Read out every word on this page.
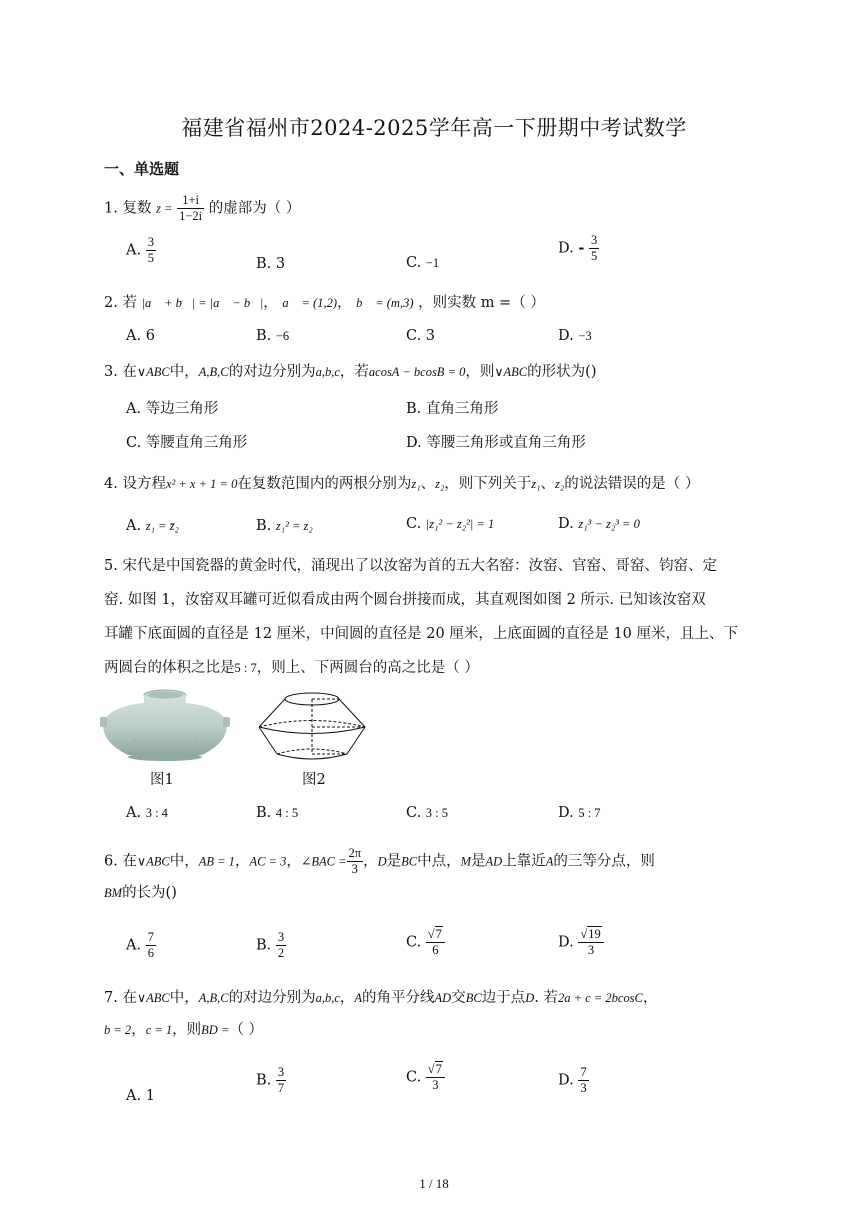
福建省福州市2024-2025学年高一下册期中考试数学
一、单选题
1. 复数 $z = \frac{1+i}{1-2i}$ 的虚部为（ ）
A. $\frac{3}{5}$	B. 3	C. −1
D. - $\frac{3}{5}$
2. 若 |a⃗ + b⃗| = |a⃗ − b⃗|， a⃗ = (1,2)， b⃗ = (m,3) ，则实数 m =（ ）
A. 6	B. −6	C. 3	D. −3
3. 在∨ABC中，A,B,C的对边分别为a,b,c，若acosA − bcosB = 0，则∨ABC的形状为()
A. 等边三角形	B. 直角三角形
C. 等腰直角三角形	D. 等腰三角形或直角三角形
4. 设方程x² + x + 1 = 0在复数范围内的两根分别为z₁、z₂，则下列关于z₁、z₂的说法错误的是（ ）
A. z₁ = z̄₂	B. z₁² = z₂	C. |z₁² − z₂²| = 1	D. z₁³ − z₂³ = 0
5. 宋代是中国瓷器的黄金时代，涌现出了以汝窑为首的五大名窑：汝窑、官窑、哥窑、钧窑、定
窑. 如图 1，汝窑双耳罐可近似看成由两个圆台拼接而成，其直观图如图 2 所示. 已知该汝窑双
耳罐下底面圆的直径是 12 厘米，中间圆的直径是 20 厘米，上底面圆的直径是 10 厘米，且上、下
两圆台的体积之比是5 : 7，则上、下两圆台的高之比是（ ）
图1	图2
A. 3 : 4	B. 4 : 5	C. 3 : 5	D. 5 : 7
6. 在∨ABC中，AB = 1，AC = 3，∠BAC = $\frac{2\pi}{3}$ ，D是BC中点，M是AD上靠近A的三等分点，则
BM的长为()
A. $\frac{7}{6}$	B. $\frac{3}{2}$	C. $\frac{√7}{6}$	D. $\frac{√19}{3}$
7. 在∨ABC中，A,B,C的对边分别为a,b,c，A的角平分线AD交BC边于点D. 若2a + c = 2bcosC，
b = 2，c = 1，则BD =（ ）
A. 1
B. $\frac{3}{7}$	C. $\frac{√7}{3}$	D. $\frac{7}{3}$
1 / 18
